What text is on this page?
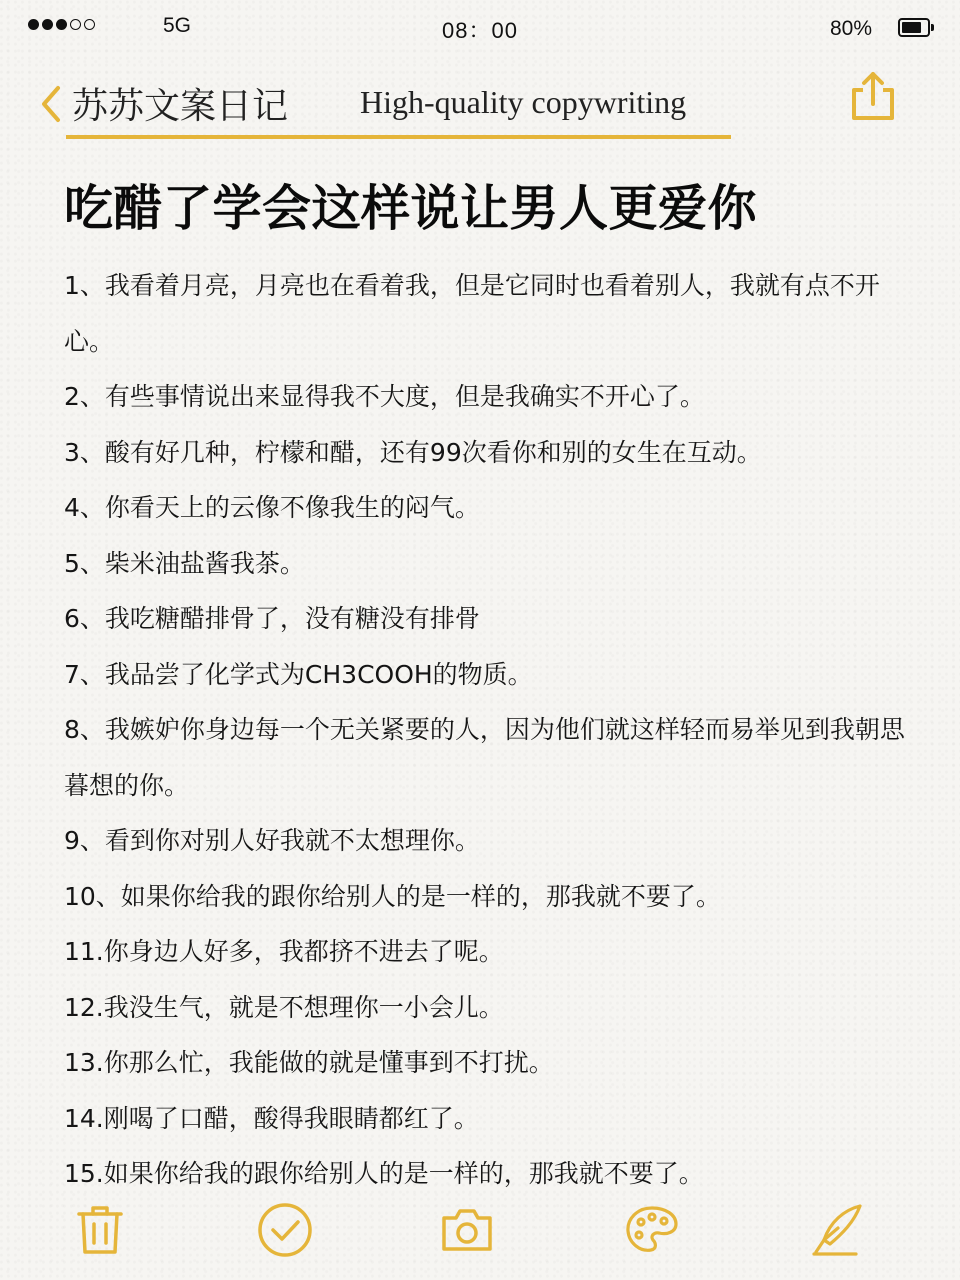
5G	08：00	80%
苏苏文案日记 High-quality copywriting
吃醋了学会这样说让男人更爱你
1、我看着月亮，月亮也在看着我，但是它同时也看着别人，我就有点不开心。
2、有些事情说出来显得我不大度，但是我确实不开心了。
3、酸有好几种，柠檬和醋，还有99次看你和别的女生在互动。
4、你看天上的云像不像我生的闷气。
5、柴米油盐酱我茶。
6、我吃糖醋排骨了，没有糖没有排骨
7、我品尝了化学式为CH3COOH的物质。
8、我嫉妒你身边每一个无关紧要的人，因为他们就这样轻而易举见到我朝思暮想的你。
9、看到你对别人好我就不太想理你。
10、如果你给我的跟你给别人的是一样的，那我就不要了。
11.你身边人好多，我都挤不进去了呢。
12.我没生气，就是不想理你一小会儿。
13.你那么忙，我能做的就是懂事到不打扰。
14.刚喝了口醋，酸得我眼睛都红了。
15.如果你给我的跟你给别人的是一样的，那我就不要了。
